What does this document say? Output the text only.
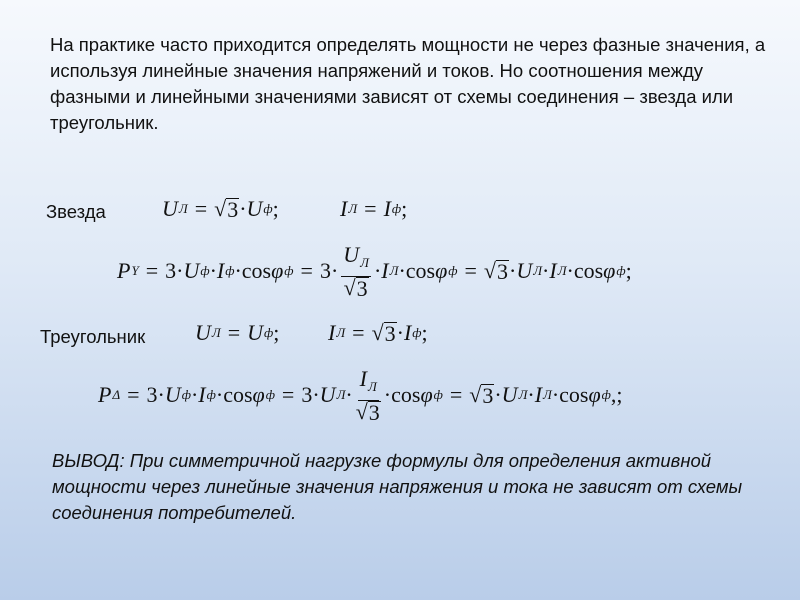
На практике часто приходится определять мощности не через фазные значения, а используя линейные значения напряжений и токов. Но соотношения между фазными и линейными значениями зависят от схемы соединения – звезда или треугольник.

Звезда	U Л = √ 3 · U ф ;	I Л = I ф ;
P Y = 3 · U ф · I ф · cos φ $ф = 3 \cdot \frac{U_Л}{√ 3} \cdot I$ Л · cos φ ф = √ 3 · U Л · I Л · cos φ ф ;

Треугольник U Л = U ф ; I Л = √ 3 · I ф ;
P Δ = 3 · U ф · I ф · cos φ ф = 3 · U $Л \cdot \frac{I_Л}{√ 3} \cdot \cos \varphi$ ф = √ 3 · U Л · I Л · cos φ ф , ;

ВЫВОД: При симметричной нагрузке формулы для определения активной мощности через линейные значения напряжения и тока не зависят от схемы соединения потребителей.
